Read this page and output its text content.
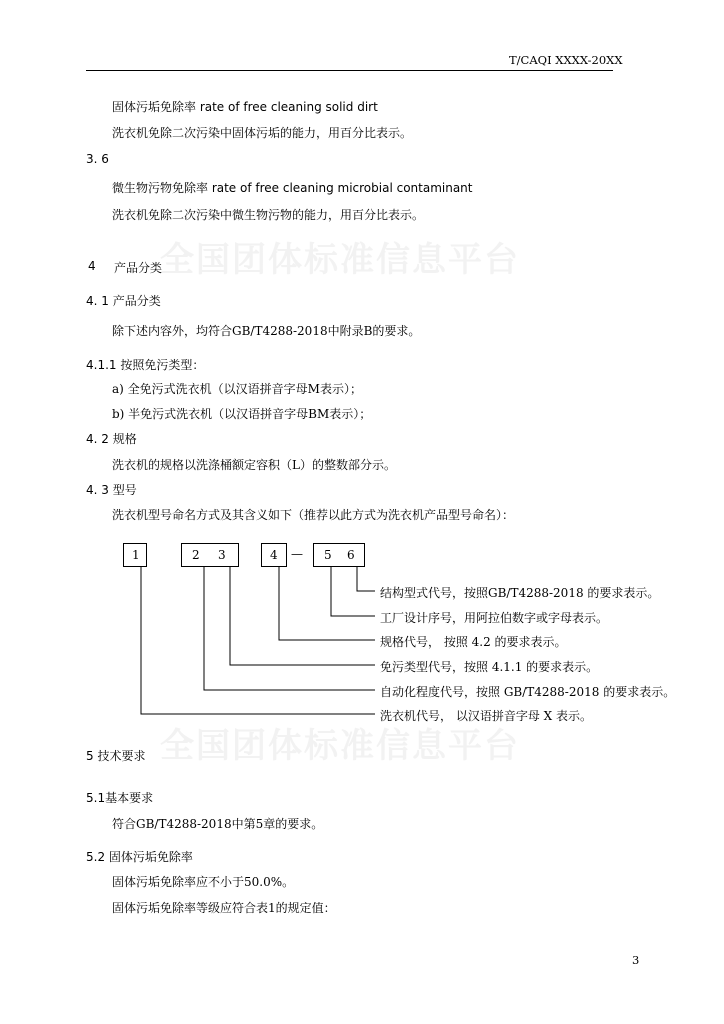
T/CAQI XXXX-20XX
全国团体标准信息平台
全国团体标准信息平台
固体污垢免除率 rate of free cleaning solid dirt
洗衣机免除二次污染中固体污垢的能力，用百分比表示。
3. 6
微生物污物免除率 rate of free cleaning microbial contaminant
洗衣机免除二次污染中微生物污物的能力，用百分比表示。
4 产品分类
4. 1 产品分类
除下述内容外，均符合GB/T4288-2018中附录B的要求。
4.1.1 按照免污类型：
a) 全免污式洗衣机（以汉语拼音字母M表示）；
b) 半免污式洗衣机（以汉语拼音字母BM表示）；
4. 2 规格
洗衣机的规格以洗涤桶额定容积（L）的整数部分示。
4. 3 型号
洗衣机型号命名方式及其含义如下（推荐以此方式为洗衣机产品型号命名）：
1	2 3	4 — 5 6
结构型式代号，按照GB/T4288-2018 的要求表示。
工厂设计序号，用阿拉伯数字或字母表示。
规格代号， 按照 4.2 的要求表示。
免污类型代号，按照 4.1.1 的要求表示。
自动化程度代号，按照 GB/T4288-2018 的要求表示。
洗衣机代号， 以汉语拼音字母 X 表示。
5 技术要求
5.1基本要求
符合GB/T4288-2018中第5章的要求。
5.2 固体污垢免除率
固体污垢免除率应不小于50.0%。
固体污垢免除率等级应符合表1的规定值：
3
